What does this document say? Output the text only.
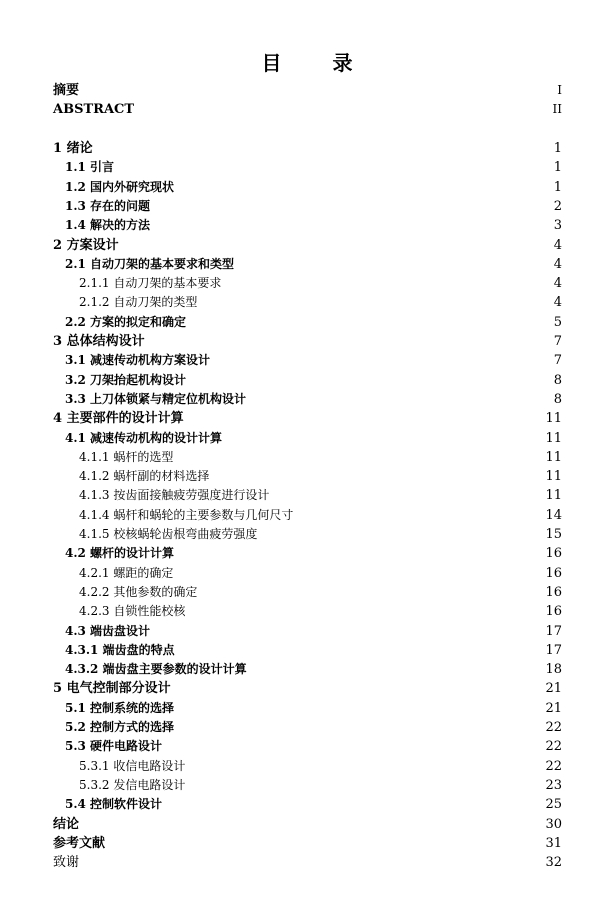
目 录
摘要	I
ABSTRACT	II
1 绪论	1
1.1 引言	1
1.2 国内外研究现状	1
1.3 存在的问题	2
1.4 解决的方法	3
2 方案设计	4
2.1 自动刀架的基本要求和类型	4
2.1.1 自动刀架的基本要求	4
2.1.2 自动刀架的类型	4
2.2 方案的拟定和确定	5
3 总体结构设计	7
3.1 减速传动机构方案设计	7
3.2 刀架抬起机构设计	8
3.3 上刀体锁紧与精定位机构设计	8
4 主要部件的设计计算	11
4.1 减速传动机构的设计计算	11
4.1.1 蜗杆的选型	11
4.1.2 蜗杆副的材料选择	11
4.1.3 按齿面接触疲劳强度进行设计	11
4.1.4 蜗杆和蜗轮的主要参数与几何尺寸	14
4.1.5 校核蜗轮齿根弯曲疲劳强度	15
4.2 螺杆的设计计算	16
4.2.1 螺距的确定	16
4.2.2 其他参数的确定	16
4.2.3 自锁性能校核	16
4.3 端齿盘设计	17
4.3.1 端齿盘的特点	17
4.3.2 端齿盘主要参数的设计计算	18
5 电气控制部分设计	21
5.1 控制系统的选择	21
5.2 控制方式的选择	22
5.3 硬件电路设计	22
5.3.1 收信电路设计	22
5.3.2 发信电路设计	23
5.4 控制软件设计	25
结论	30
参考文献	31
致谢	32
